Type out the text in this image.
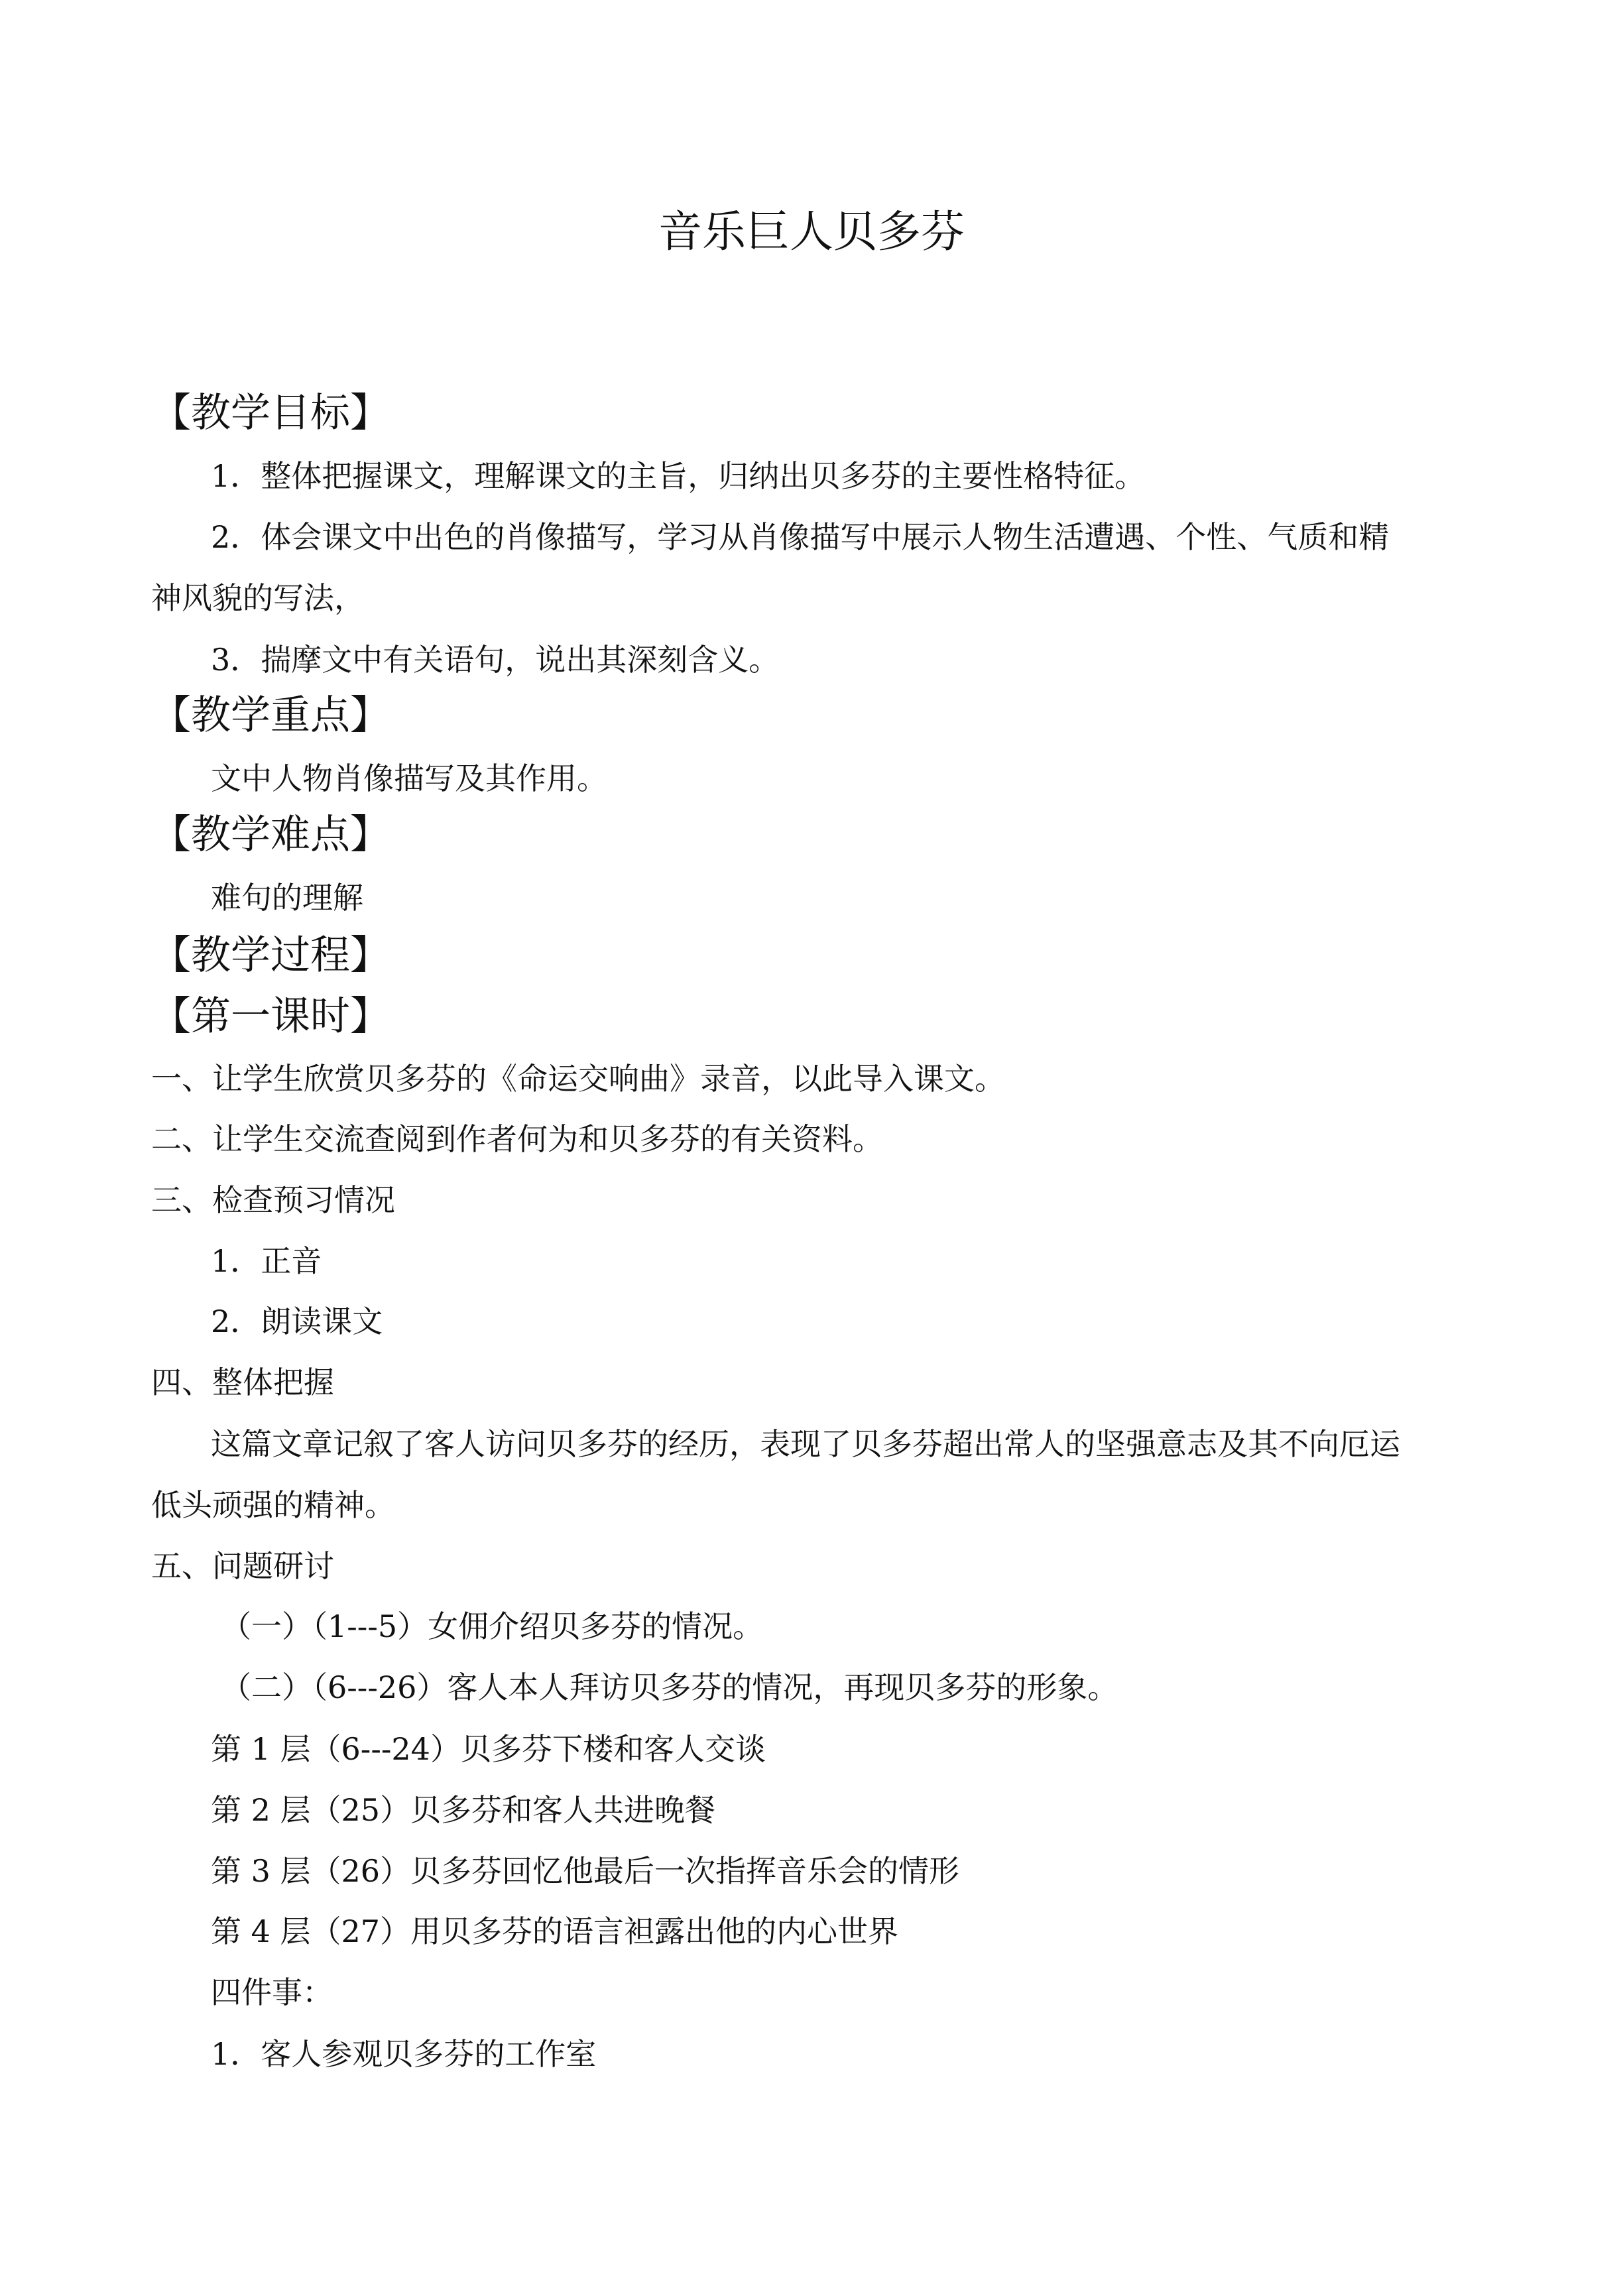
音乐巨人贝多芬
【教学目标】
1．整体把握课文，理解课文的主旨，归纳出贝多芬的主要性格特征。
2．体会课文中出色的肖像描写，学习从肖像描写中展示人物生活遭遇、个性、气质和精
神风貌的写法，
3．揣摩文中有关语句，说出其深刻含义。
【教学重点】
文中人物肖像描写及其作用。
【教学难点】
难句的理解
【教学过程】
【第一课时】
一、让学生欣赏贝多芬的《命运交响曲》录音，以此导入课文。
二、让学生交流查阅到作者何为和贝多芬的有关资料。
三、检查预习情况
1．正音
2．朗读课文
四、整体把握
这篇文章记叙了客人访问贝多芬的经历，表现了贝多芬超出常人的坚强意志及其不向厄运
低头顽强的精神。
五、问题研讨
（一）（1---5）女佣介绍贝多芬的情况。
（二）（6---26）客人本人拜访贝多芬的情况，再现贝多芬的形象。
第 1 层（6---24）贝多芬下楼和客人交谈
第 2 层（25）贝多芬和客人共进晚餐
第 3 层（26）贝多芬回忆他最后一次指挥音乐会的情形
第 4 层（27）用贝多芬的语言袒露出他的内心世界
四件事：
1．客人参观贝多芬的工作室
